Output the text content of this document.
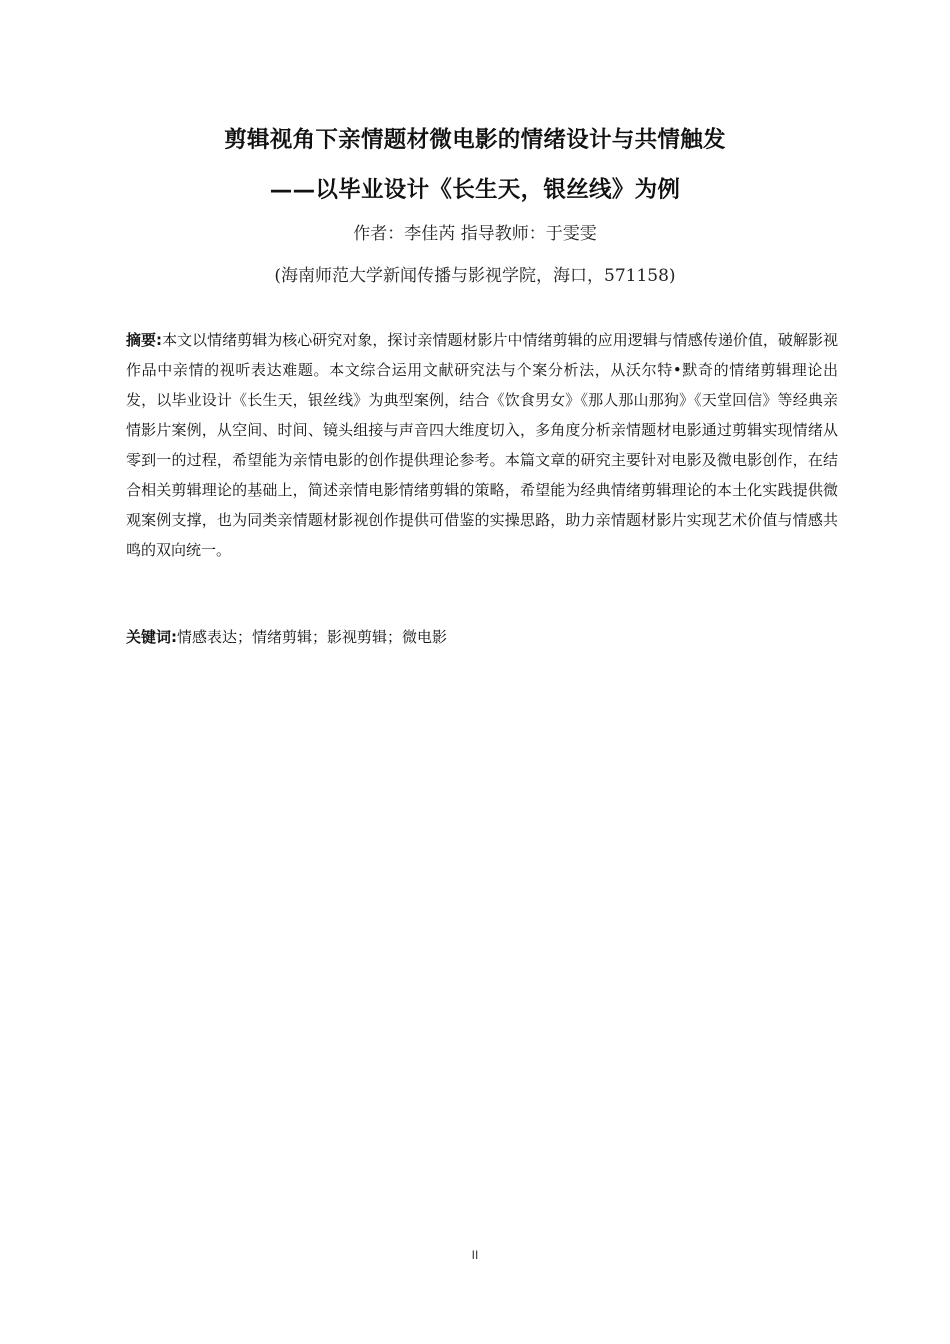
剪辑视角下亲情题材微电影的情绪设计与共情触发
——以毕业设计《长生天，银丝线》为例
作者：李佳芮 指导教师：于雯雯
(海南师范大学新闻传播与影视学院，海口，571158)
摘要:本文以情绪剪辑为核心研究对象，探讨亲情题材影片中情绪剪辑的应用逻辑与情感传递价值，破解影视作品中亲情的视听表达难题。本文综合运用文献研究法与个案分析法，从沃尔特•默奇的情绪剪辑理论出发，以毕业设计《长生天，银丝线》为典型案例，结合《饮食男女》《那人那山那狗》《天堂回信》等经典亲情影片案例，从空间、时间、镜头组接与声音四大维度切入，多角度分析亲情题材电影通过剪辑实现情绪从零到一的过程，希望能为亲情电影的创作提供理论参考。本篇文章的研究主要针对电影及微电影创作，在结合相关剪辑理论的基础上，简述亲情电影情绪剪辑的策略，希望能为经典情绪剪辑理论的本土化实践提供微观案例支撑，也为同类亲情题材影视创作提供可借鉴的实操思路，助力亲情题材影片实现艺术价值与情感共鸣的双向统一。
关键词:情感表达；情绪剪辑；影视剪辑；微电影
II
